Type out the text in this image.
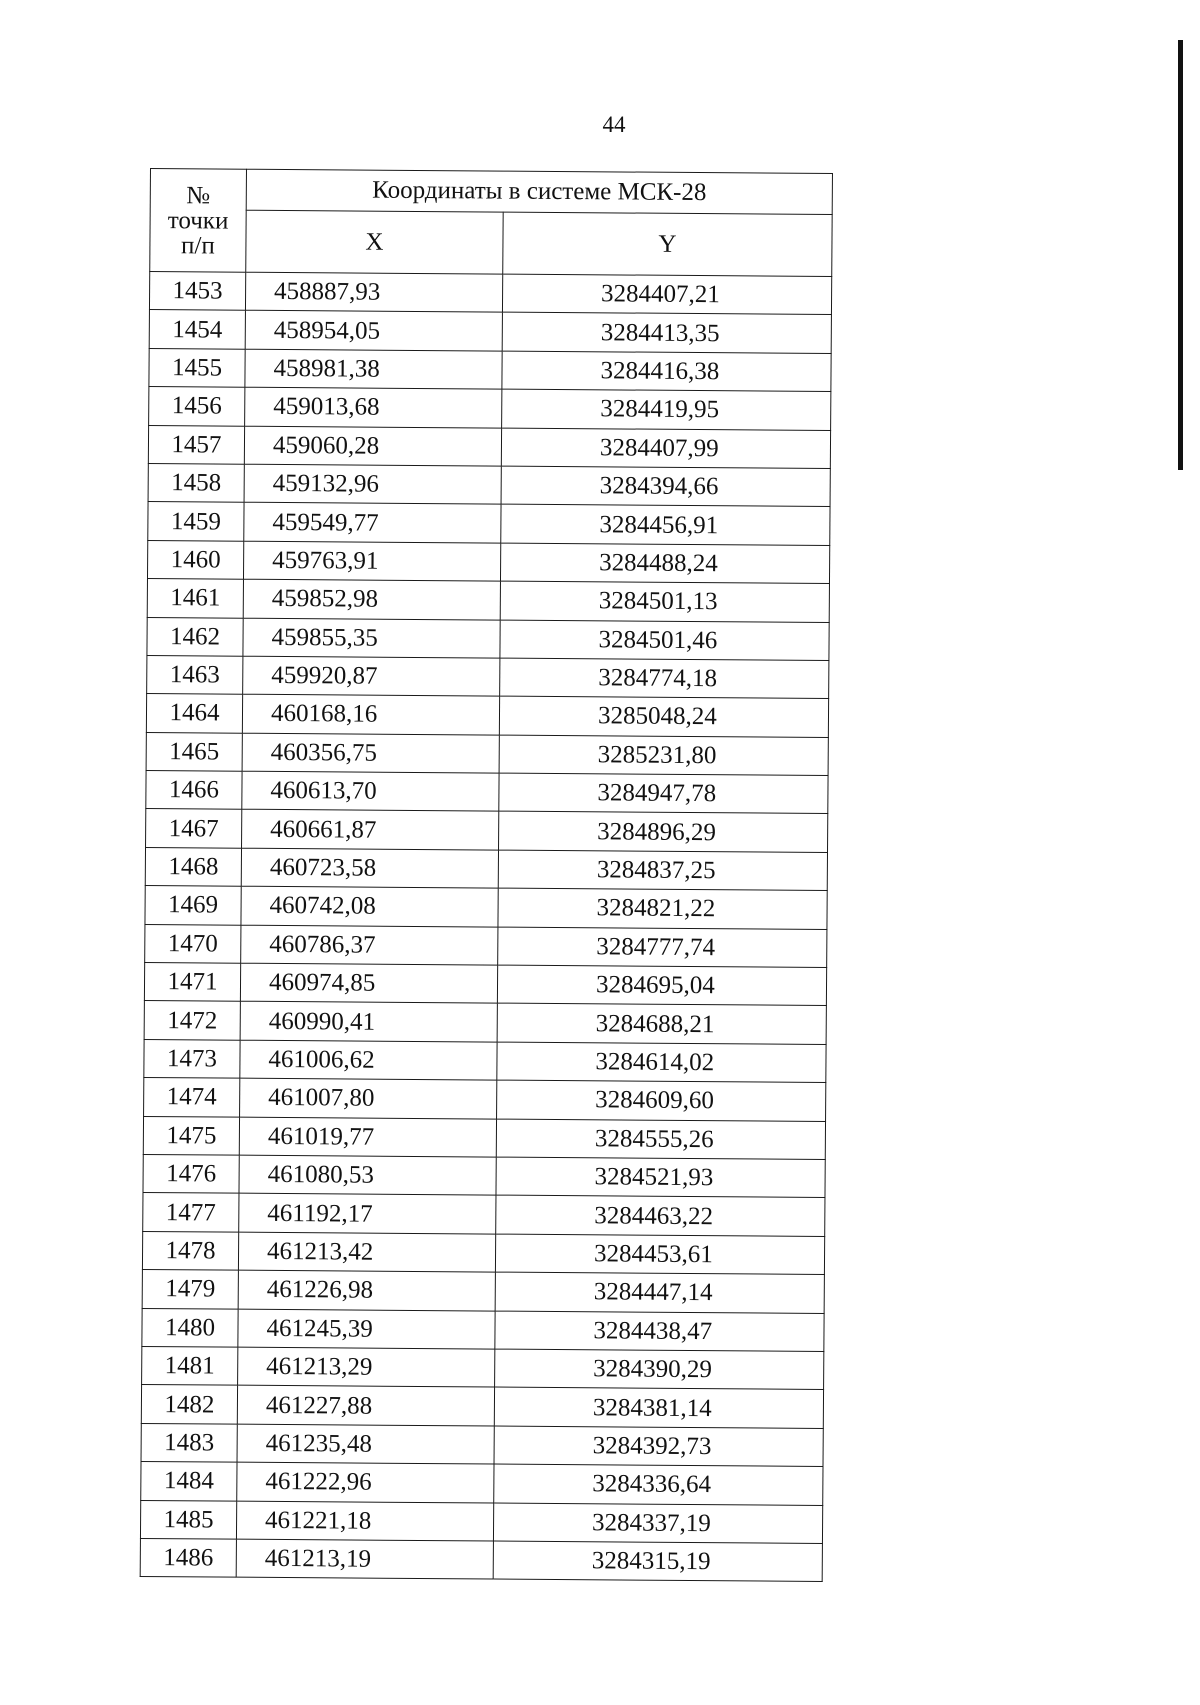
44
№
точки
п/п	Координаты в системе МСК-28	
	X	Y
1453	458887,93	3284407,21
1454	458954,05	3284413,35
1455	458981,38	3284416,38
1456	459013,68	3284419,95
1457	459060,28	3284407,99
1458	459132,96	3284394,66
1459	459549,77	3284456,91
1460	459763,91	3284488,24
1461	459852,98	3284501,13
1462	459855,35	3284501,46
1463	459920,87	3284774,18
1464	460168,16	3285048,24
1465	460356,75	3285231,80
1466	460613,70	3284947,78
1467	460661,87	3284896,29
1468	460723,58	3284837,25
1469	460742,08	3284821,22
1470	460786,37	3284777,74
1471	460974,85	3284695,04
1472	460990,41	3284688,21
1473	461006,62	3284614,02
1474	461007,80	3284609,60
1475	461019,77	3284555,26
1476	461080,53	3284521,93
1477	461192,17	3284463,22
1478	461213,42	3284453,61
1479	461226,98	3284447,14
1480	461245,39	3284438,47
1481	461213,29	3284390,29
1482	461227,88	3284381,14
1483	461235,48	3284392,73
1484	461222,96	3284336,64
1485	461221,18	3284337,19
1486	461213,19	3284315,19
